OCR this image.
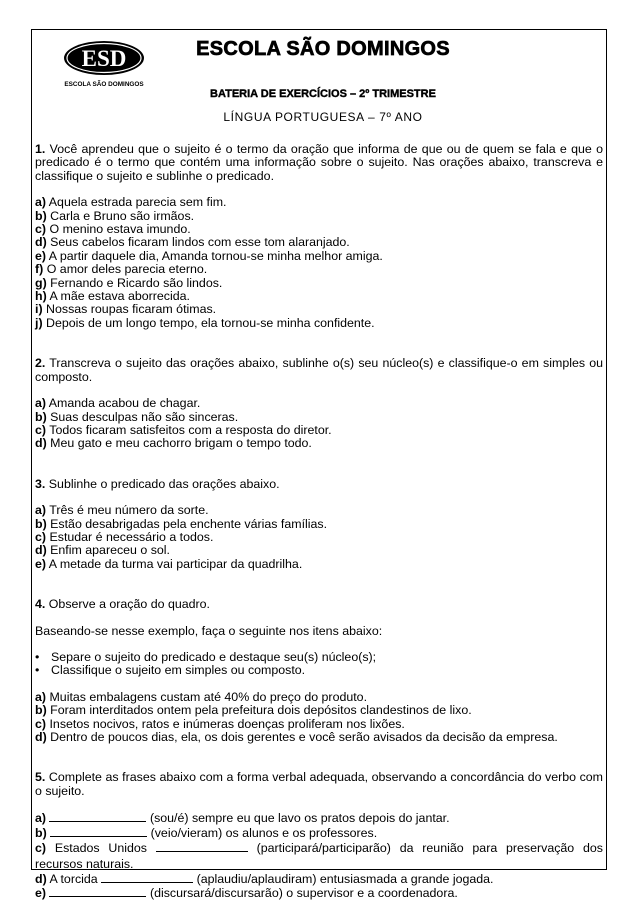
ESD
ESCOLA SÃO DOMINGOS
ESCOLA SÃO DOMINGOS
BATERIA DE EXERCÍCIOS – 2º TRIMESTRE
LÍNGUA PORTUGUESA – 7º ANO

1. Você aprendeu que o sujeito é o termo da oração que informa de que ou de quem se fala e que o predicado é o termo que contém uma informação sobre o sujeito. Nas orações abaixo, transcreva e classifique o sujeito e sublinhe o predicado.

a) Aquela estrada parecia sem fim.
b) Carla e Bruno são irmãos.
c) O menino estava imundo.
d) Seus cabelos ficaram lindos com esse tom alaranjado.
e) A partir daquele dia, Amanda tornou-se minha melhor amiga.
f) O amor deles parecia eterno.
g) Fernando e Ricardo são lindos.
h) A mãe estava aborrecida.
i) Nossas roupas ficaram ótimas.
j) Depois de um longo tempo, ela tornou-se minha confidente.

2. Transcreva o sujeito das orações abaixo, sublinhe o(s) seu núcleo(s) e classifique-o em simples ou composto.

a) Amanda acabou de chagar.
b) Suas desculpas não são sinceras.
c) Todos ficaram satisfeitos com a resposta do diretor.
d) Meu gato e meu cachorro brigam o tempo todo.

3. Sublinhe o predicado das orações abaixo.

a) Três é meu número da sorte.
b) Estão desabrigadas pela enchente várias famílias.
c) Estudar é necessário a todos.
d) Enfim apareceu o sol.
e) A metade da turma vai participar da quadrilha.

4. Observe a oração do quadro.

Baseando-se nesse exemplo, faça o seguinte nos itens abaixo:

• Separe o sujeito do predicado e destaque seu(s) núcleo(s);
• Classifique o sujeito em simples ou composto.
a) Muitas embalagens custam até 40% do preço do produto.
b) Foram interditados ontem pela prefeitura dois depósitos clandestinos de lixo.
c) Insetos nocivos, ratos e inúmeras doenças proliferam nos lixões.
d) Dentro de poucos dias, ela, os dois gerentes e você serão avisados da decisão da empresa.

5. Complete as frases abaixo com a forma verbal adequada, observando a concordância do verbo com o sujeito.

a)	(sou/é) sempre eu que lavo os pratos depois do jantar.
b)	(veio/vieram) os alunos e os professores.
c) Estados Unidos	(participará/participarão) da reunião para preservação dos recursos naturais.
d) A torcida	(aplaudiu/aplaudiram) entusiasmada a grande jogada.
e)	(discursará/discursarão) o supervisor e a coordenadora.
